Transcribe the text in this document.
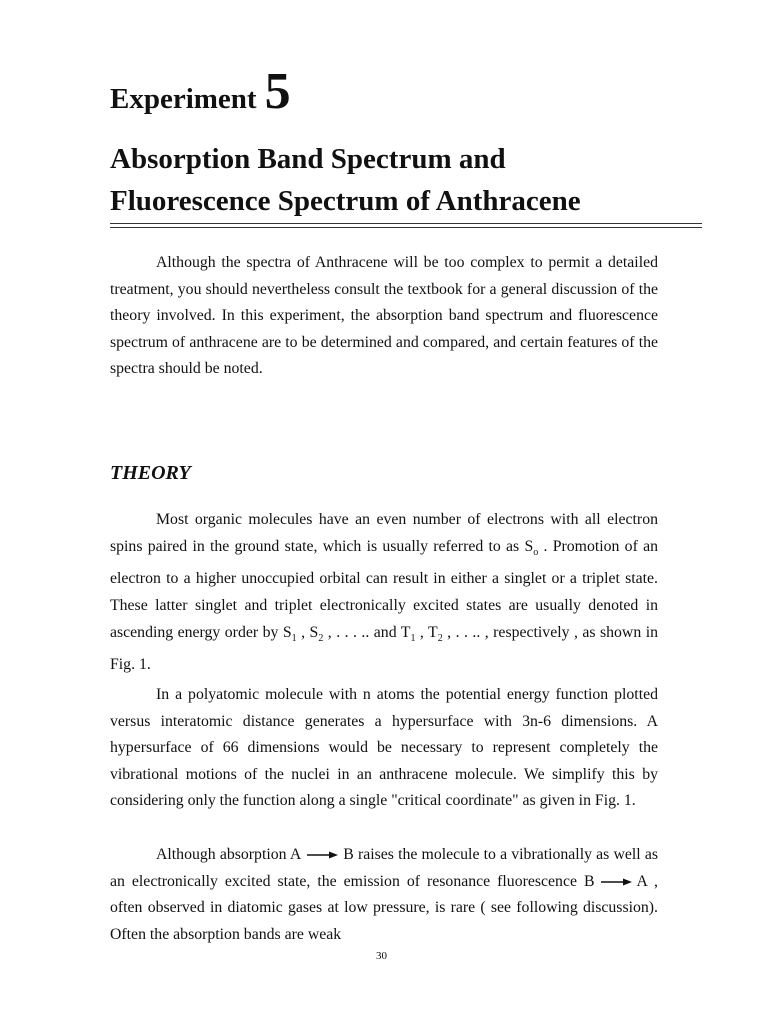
Experiment 5
Absorption Band Spectrum and
Fluorescence Spectrum of Anthracene

Although the spectra of Anthracene will be too complex to permit a detailed treatment, you should nevertheless consult the textbook for a general discussion of the theory involved. In this experiment, the absorption band spectrum and fluorescence spectrum of anthracene are to be determined and compared, and certain features of the spectra should be noted.

THEORY

Most organic molecules have an even number of electrons with all electron spins paired in the ground state, which is usually referred to as $S_o$ . Promotion of an electron to a higher unoccupied orbital can result in either a singlet or a triplet state. These latter singlet and triplet electronically excited states are usually denoted in ascending energy order by $S_1$ , $S_2$ , . . . .. and $T_1$ , $T_2$ , . . .. , respectively , as shown in Fig. 1.

In a polyatomic molecule with n atoms the potential energy function plotted versus interatomic distance generates a hypersurface with 3n-6 dimensions. A hypersurface of 66 dimensions would be necessary to represent completely the vibrational motions of the nuclei in an anthracene molecule. We simplify this by considering only the function along a single "critical coordinate" as given in Fig. 1.

Although absorption A	B raises the molecule to a vibrationally as well as an electronically excited state, the emission of resonance fluorescence B	A , often observed in diatomic gases at low pressure, is rare ( see following discussion). Often the absorption bands are weak

30
